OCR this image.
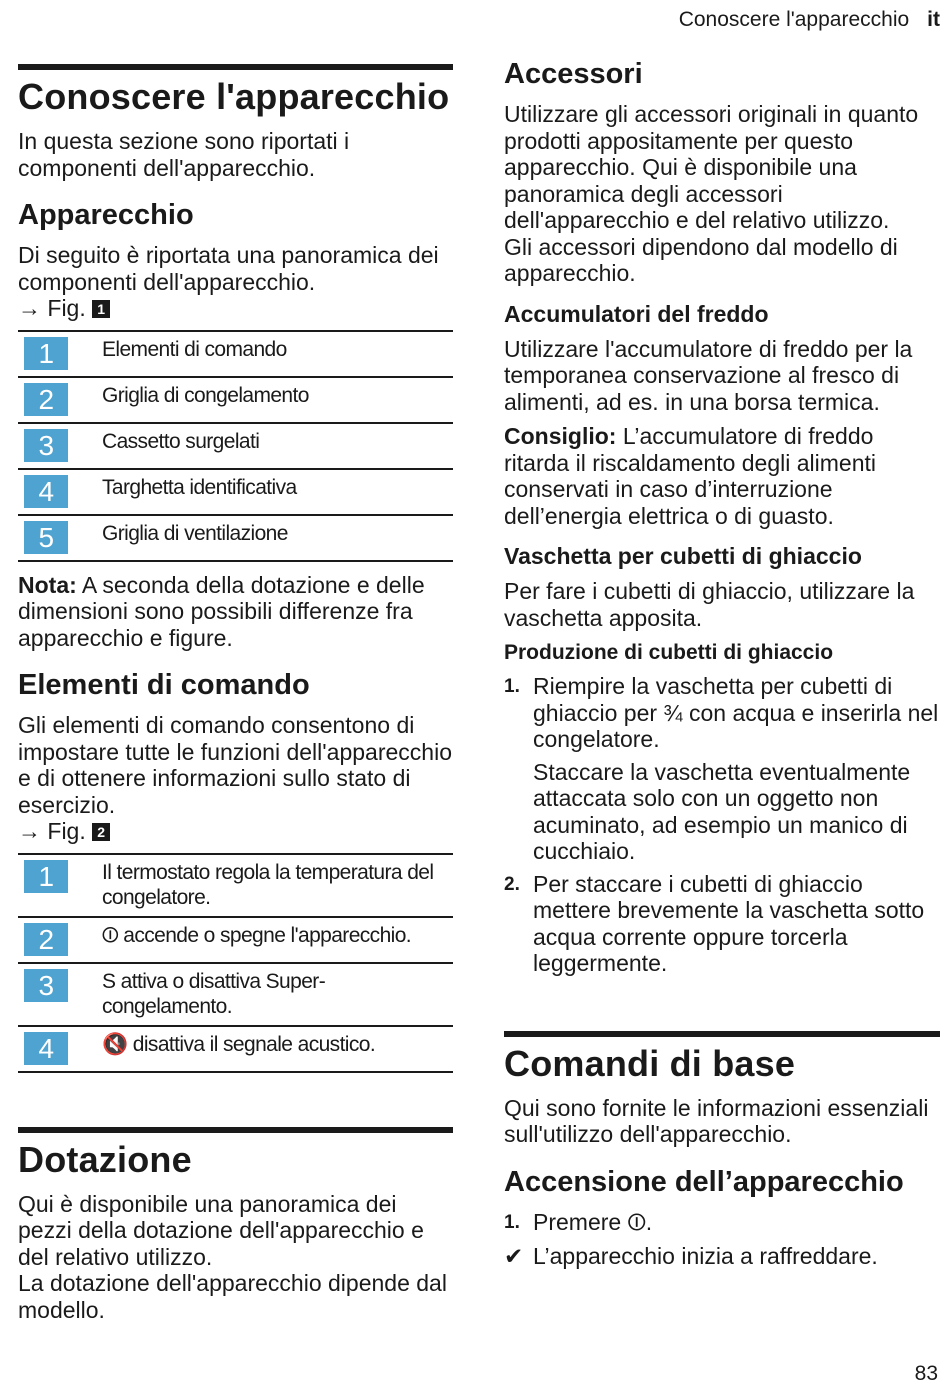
Conoscere l'apparecchio it
Conoscere l'apparecchio

In questa sezione sono riportati i componenti dell'apparecchio.

Apparecchio

Di seguito è riportata una panoramica dei componenti dell'apparecchio.
→ Fig. 1

1	Elementi di comando
2	Griglia di congelamento
3	Cassetto surgelati
4	Targhetta identificativa
5	Griglia di ventilazione

Nota: A seconda della dotazione e delle dimensioni sono possibili differenze fra apparecchio e figure.

Elementi di comando

Gli elementi di comando consentono di impostare tutte le funzioni dell'apparecchio e di ottenere informazioni sullo stato di esercizio.
→ Fig. 2

1	Il termostato regola la temperatura del congelatore.
2	⏼ accende o spegne l'apparecchio.
3	S attiva o disattiva Super-congelamento.
4	🔇 disattiva il segnale acustico.
Dotazione

Qui è disponibile una panoramica dei pezzi della dotazione dell'apparecchio e del relativo utilizzo.
La dotazione dell'apparecchio dipende dal modello.

Accessori

Utilizzare gli accessori originali in quanto prodotti appositamente per questo apparecchio. Qui è disponibile una panoramica degli accessori dell'apparecchio e del relativo utilizzo.
Gli accessori dipendono dal modello di apparecchio.

Accumulatori del freddo

Utilizzare l'accumulatore di freddo per la temporanea conservazione al fresco di alimenti, ad es. in una borsa termica.

Consiglio: L’accumulatore di freddo ritarda il riscaldamento degli alimenti conservati in caso d’interruzione dell’energia elettrica o di guasto.

Vaschetta per cubetti di ghiaccio

Per fare i cubetti di ghiaccio, utilizzare la vaschetta apposita.

Produzione di cubetti di ghiaccio
1. Riempire la vaschetta per cubetti di ghiaccio per ¾ con acqua e inserirla nel congelatore.

Staccare la vaschetta eventualmente attaccata solo con un oggetto non acuminato, ad esempio un manico di cucchiaio.

2. Per staccare i cubetti di ghiaccio mettere brevemente la vaschetta sotto acqua corrente oppure torcerla leggermente.

Comandi di base

Qui sono fornite le informazioni essenziali sull'utilizzo dell'apparecchio.

Accensione dell’apparecchio
1. Premere ⏼.
✔ L’apparecchio inizia a raffreddare.
83
